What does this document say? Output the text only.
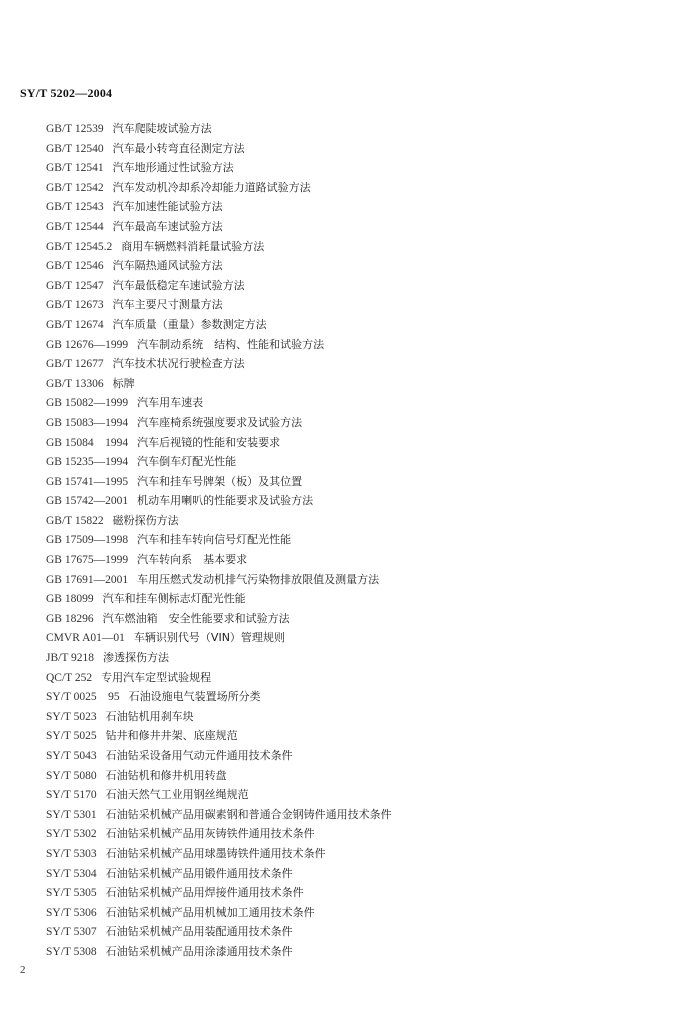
SY/T 5202—2004
GB/T 12539 汽车爬陡坡试验方法
GB/T 12540 汽车最小转弯直径测定方法
GB/T 12541 汽车地形通过性试验方法
GB/T 12542 汽车发动机冷却系冷却能力道路试验方法
GB/T 12543 汽车加速性能试验方法
GB/T 12544 汽车最高车速试验方法
GB/T 12545.2 商用车辆燃料消耗量试验方法
GB/T 12546 汽车隔热通风试验方法
GB/T 12547 汽车最低稳定车速试验方法
GB/T 12673 汽车主要尺寸测量方法
GB/T 12674 汽车质量（重量）参数测定方法
GB 12676—1999 汽车制动系统　结构、性能和试验方法
GB/T 12677 汽车技术状况行驶检查方法
GB/T 13306 标牌
GB 15082—1999 汽车用车速表
GB 15083—1994 汽车座椅系统强度要求及试验方法
GB 15084　1994 汽车后视镜的性能和安装要求
GB 15235—1994 汽车倒车灯配光性能
GB 15741—1995 汽车和挂车号牌架（板）及其位置
GB 15742—2001 机动车用喇叭的性能要求及试验方法
GB/T 15822 磁粉探伤方法
GB 17509—1998 汽车和挂车转向信号灯配光性能
GB 17675—1999 汽车转向系　基本要求
GB 17691—2001 车用压燃式发动机排气污染物排放限值及测量方法
GB 18099 汽车和挂车侧标志灯配光性能
GB 18296 汽车燃油箱　安全性能要求和试验方法
CMVR A01—01 车辆识别代号（VIN）管理规则
JB/T 9218 渗透探伤方法
QC/T 252 专用汽车定型试验规程
SY/T 0025　95 石油设施电气装置场所分类
SY/T 5023 石油钻机用刹车块
SY/T 5025 钻井和修井井架、底座规范
SY/T 5043 石油钻采设备用气动元件通用技术条件
SY/T 5080 石油钻机和修井机用转盘
SY/T 5170 石油天然气工业用钢丝绳规范
SY/T 5301 石油钻采机械产品用碳素钢和普通合金钢铸件通用技术条件
SY/T 5302 石油钻采机械产品用灰铸铁件通用技术条件
SY/T 5303 石油钻采机械产品用球墨铸铁件通用技术条件
SY/T 5304 石油钻采机械产品用锻件通用技术条件
SY/T 5305 石油钻采机械产品用焊接件通用技术条件
SY/T 5306 石油钻采机械产品用机械加工通用技术条件
SY/T 5307 石油钻采机械产品用装配通用技术条件
SY/T 5308 石油钻采机械产品用涂漆通用技术条件
2
